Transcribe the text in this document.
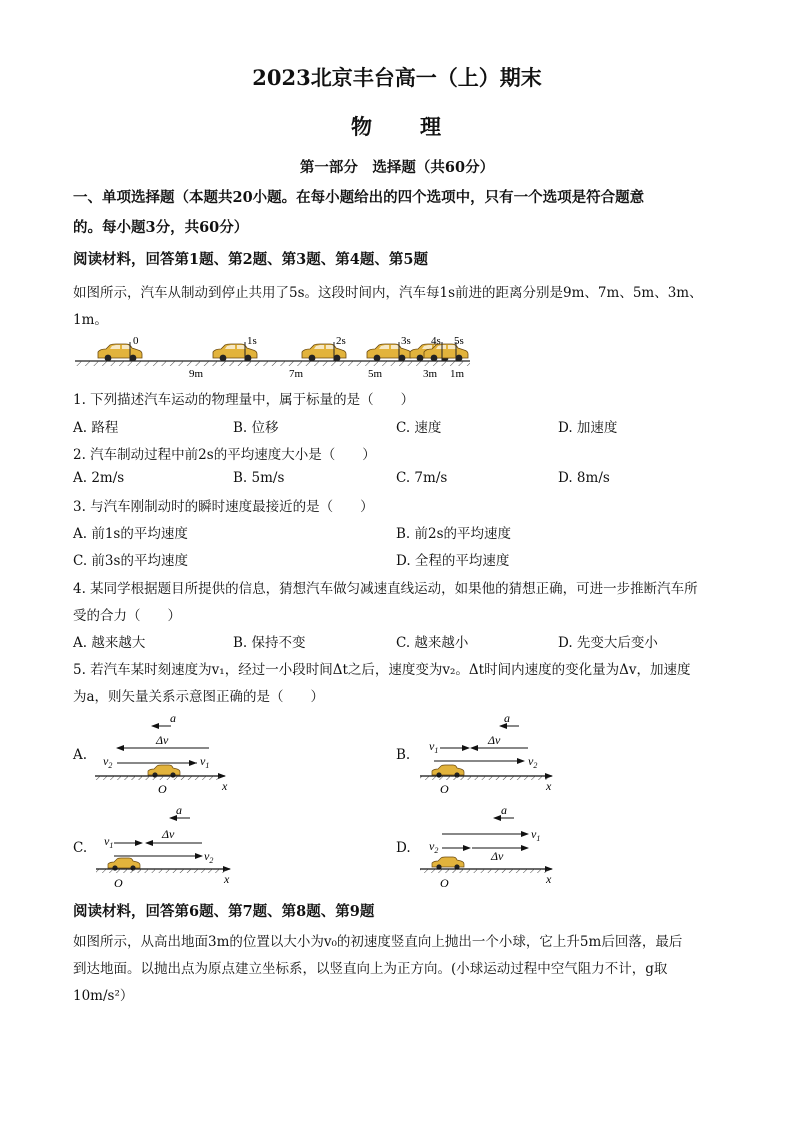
2023北京丰台高一（上）期末
物　　理
第一部分　选择题（共60分）
一、单项选择题（本题共20小题。在每小题给出的四个选项中，只有一个选项是符合题意
的。每小题3分，共60分）
阅读材料，回答第1题、第2题、第3题、第4题、第5题
如图所示，汽车从制动到停止共用了5s。这段时间内，汽车每1s前进的距离分别是9m、7m、5m、3m、
1m。
0	1s	2s	3s 4s 5s
9m	7m	5m	3m 1m
1. 下列描述汽车运动的物理量中，属于标量的是（　　）
A. 路程	B. 位移	C. 速度	D. 加速度
2. 汽车制动过程中前2s的平均速度大小是（　　）
A. 2m/s	B. 5m/s	C. 7m/s	D. 8m/s
3. 与汽车刚制动时的瞬时速度最接近的是（　　）
A. 前1s的平均速度	B. 前2s的平均速度
C. 前3s的平均速度	D. 全程的平均速度
4. 某同学根据题目所提供的信息，猜想汽车做匀减速直线运动，如果他的猜想正确，可进一步推断汽车所
受的合力（　　）
A. 越来越大	B. 保持不变	C. 越来越小	D. 先变大后变小
5. 若汽车某时刻速度为v₁，经过一小段时间Δt之后，速度变为v₂。Δt时间内速度的变化量为Δv，加速度
为a，则矢量关系示意图正确的是（　　）
A.
a
Δv
$v_2$	$v_1$
O	x
B.
a
$v_1$
Δv
$v_2$
O	x
C.
a
$v_1$
Δv
$v_2$
O	x
D.
a
$v_1$
$v_2$	Δv
O	x
阅读材料，回答第6题、第7题、第8题、第9题
如图所示，从高出地面3m的位置以大小为v₀的初速度竖直向上抛出一个小球，它上升5m后回落，最后
到达地面。以抛出点为原点建立坐标系，以竖直向上为正方向。(小球运动过程中空气阻力不计，g取
10m/s²）
